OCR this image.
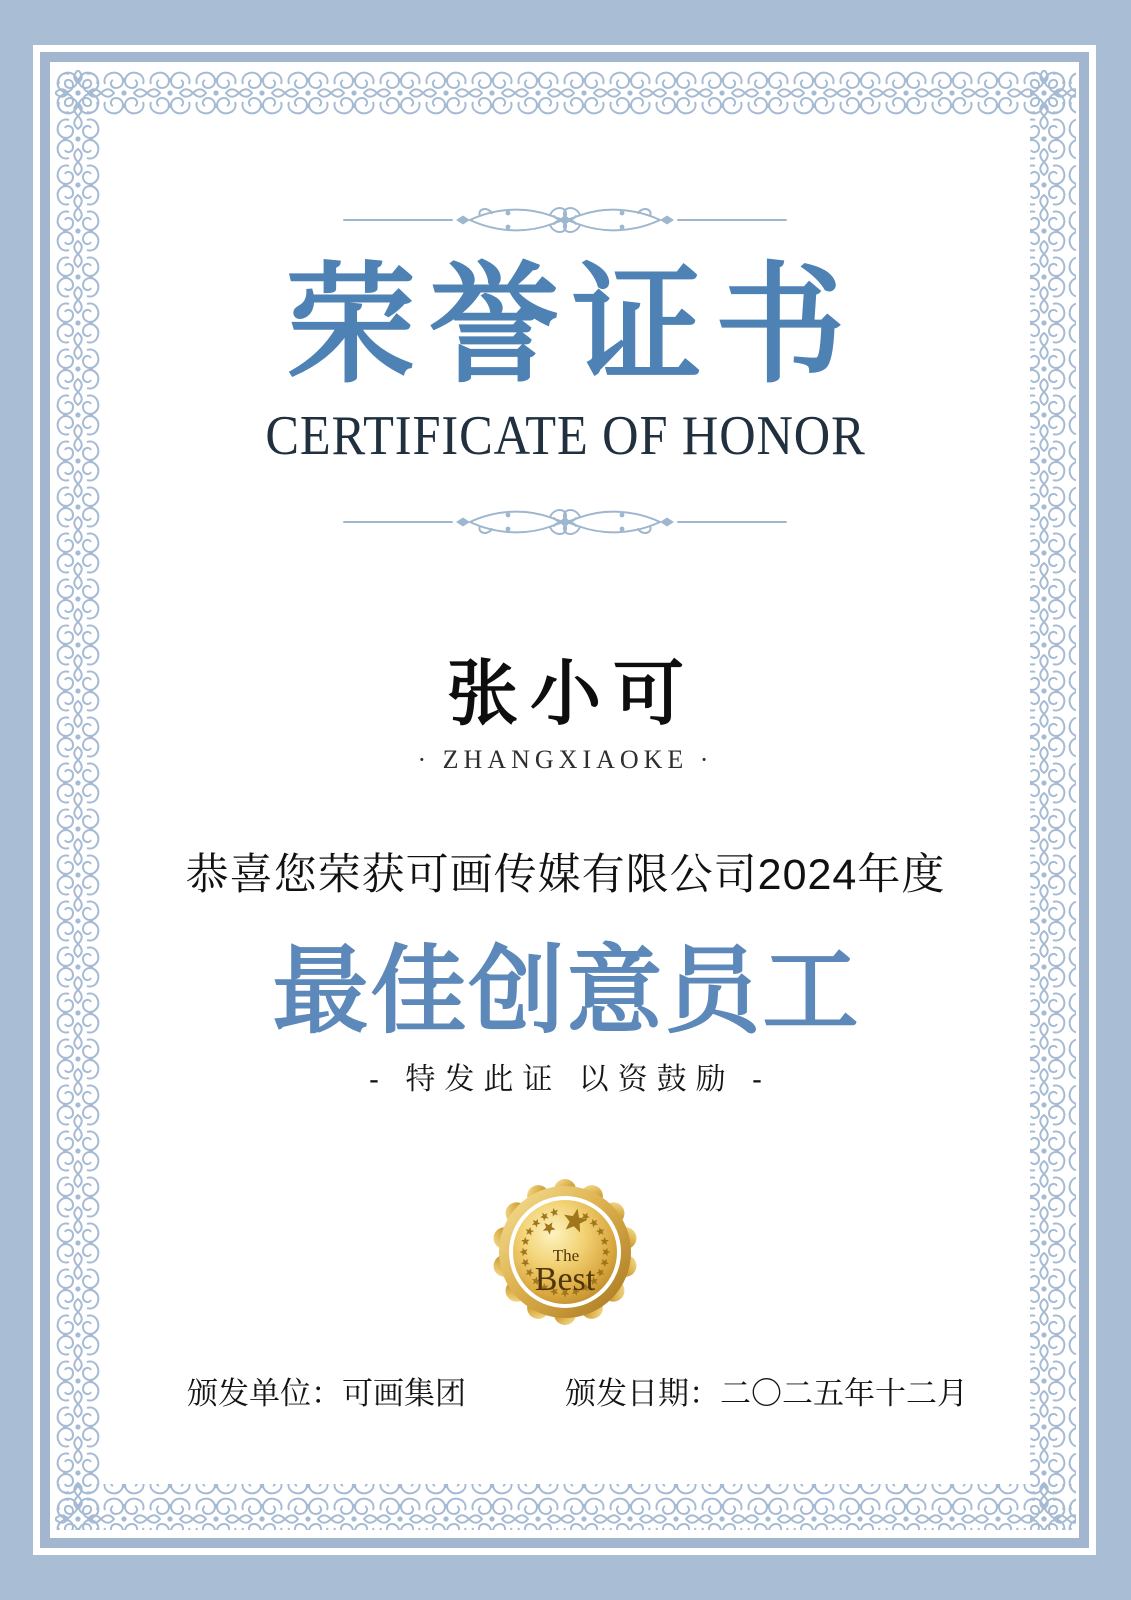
荣誉证书
CERTIFICATE OF HONOR
张小可
· ZHANGXIAOKE ·
恭喜您荣获可画传媒有限公司2024年度
最佳创意员工
- 特发此证 以资鼓励 -
The
Best
颁发单位：可画集团	颁发日期：二〇二五年十二月
